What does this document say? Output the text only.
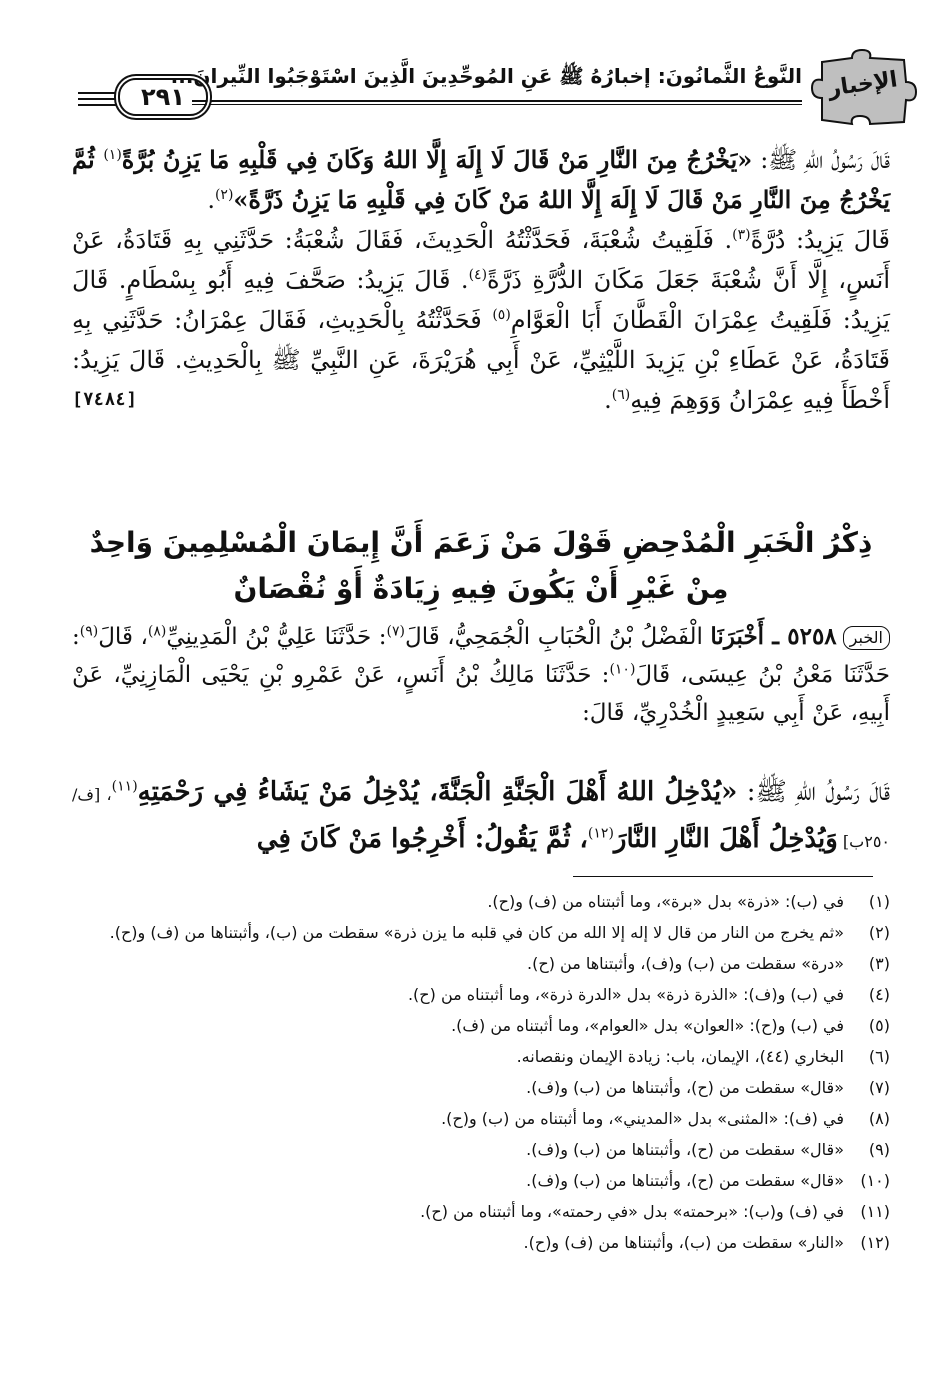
الإخبار
النَّوعُ الثَّمانُونَ: إخبارُهُ ﷺ عَنِ المُوحِّدِينَ الَّذِينَ اسْتَوْجَبُوا النِّيرانَ...
٢٩١

قَالَ رَسُولُ اللهِ ﷺ: «يَخْرُجُ مِنَ النَّارِ مَنْ قَالَ لَا إِلَهَ إِلَّا اللهُ وَكَانَ فِي قَلْبِهِ مَا يَزِنُ بُرَّةً$^{(١)}$ ثُمَّ يَخْرُجُ مِنَ النَّارِ مَنْ قَالَ لَا إِلَهَ إِلَّا اللهُ مَنْ كَانَ فِي قَلْبِهِ مَا يَزِنُ ذَرَّةً»$^{(٢)}$.

قَالَ يَزِيدُ: دُرَّةً$^{(٣)}$. فَلَقِيتُ شُعْبَةَ، فَحَدَّثْتُهُ الْحَدِيثَ، فَقَالَ شُعْبَةُ: حَدَّثَنِي بِهِ قَتَادَةُ، عَنْ أَنَسٍ، إِلَّا أَنَّ شُعْبَةَ جَعَلَ مَكَانَ الدُّرَّةِ ذَرَّةً$^{(٤)}$. قَالَ يَزِيدُ: صَحَّفَ فِيهِ أَبُو بِسْطَامٍ. قَالَ يَزِيدُ: فَلَقِيتُ عِمْرَانَ الْقَطَّانَ أَبَا الْعَوَّامِ$^{(٥)}$ فَحَدَّثْتُهُ بِالْحَدِيثِ، فَقَالَ عِمْرَانُ: حَدَّثَنِي بِهِ قَتَادَةُ، عَنْ عَطَاءِ بْنِ يَزِيدَ اللَّيْثِيِّ، عَنْ أَبِي هُرَيْرَةَ، عَنِ النَّبِيِّ ﷺ بِالْحَدِيثِ. قَالَ يَزِيدُ: أَخْطَأَ فِيهِ عِمْرَانُ وَوَهِمَ فِيهِ$^{(٦)}$.
[٧٤٨٤]

ذِكْرُ الْخَبَرِ الْمُدْحِضِ قَوْلَ مَنْ زَعَمَ أَنَّ إِيمَانَ الْمُسْلِمِينَ وَاحِدٌ
مِنْ غَيْرِ أَنْ يَكُونَ فِيهِ زِيَادَةٌ أَوْ نُقْصَانٌ

الخبر٥٢٥٨ ـ أَخْبَرَنَا الْفَضْلُ بْنُ الْحُبَابِ الْجُمَحِيُّ، قَالَ$^{(٧)}$: حَدَّثَنَا عَلِيُّ بْنُ الْمَدِينِيِّ$^{(٨)}$، قَالَ$^{(٩)}$: حَدَّثَنَا مَعْنُ بْنُ عِيسَى، قَالَ$^{(١٠)}$: حَدَّثَنَا مَالِكُ بْنُ أَنَسٍ، عَنْ عَمْرِو بْنِ يَحْيَى الْمَازِنِيِّ، عَنْ أَبِيهِ، عَنْ أَبِي سَعِيدٍ الْخُدْرِيِّ، قَالَ:

قَالَ رَسُولُ اللهِ ﷺ: «يُدْخِلُ اللهُ أَهْلَ الْجَنَّةِ الْجَنَّةَ، يُدْخِلُ مَنْ يَشَاءُ فِي رَحْمَتِهِ$^{(١١)}$، [ف/ ٢٥٠ب] وَيُدْخِلُ أَهْلَ النَّارِ النَّارَ$^{(١٢)}$، ثُمَّ يَقُولُ: أَخْرِجُوا مَنْ كَانَ فِي

(١)
في (ب): «ذرة» بدل «برة»، وما أثبتناه من (ف) و(ح).
(٢)
«ثم يخرج من النار من قال لا إله إلا الله من كان في قلبه ما يزن ذرة» سقطت من (ب)، وأثبتناها من (ف) و(ح).
(٣)
«درة» سقطت من (ب) و(ف)، وأثبتناها من (ح).
(٤)
في (ب) و(ف): «الذرة ذرة» بدل «الدرة ذرة»، وما أثبتناه من (ح).
(٥)
في (ب) و(ح): «العوان» بدل «العوام»، وما أثبتناه من (ف).
(٦)
البخاري (٤٤)، الإيمان، باب: زيادة الإيمان ونقصانه.
(٧)
«قال» سقطت من (ح)، وأثبتناها من (ب) و(ف).
(٨)
في (ف): «المثنى» بدل «المديني»، وما أثبتناه من (ب) و(ح).
(٩)
«قال» سقطت من (ح)، وأثبتناها من (ب) و(ف).
(١٠)
«قال» سقطت من (ح)، وأثبتناها من (ب) و(ف).
(١١)
في (ف) و(ب): «برحمته» بدل «في رحمته»، وما أثبتناه من (ح).
(١٢)
«النار» سقطت من (ب)، وأثبتناها من (ف) و(ح).
